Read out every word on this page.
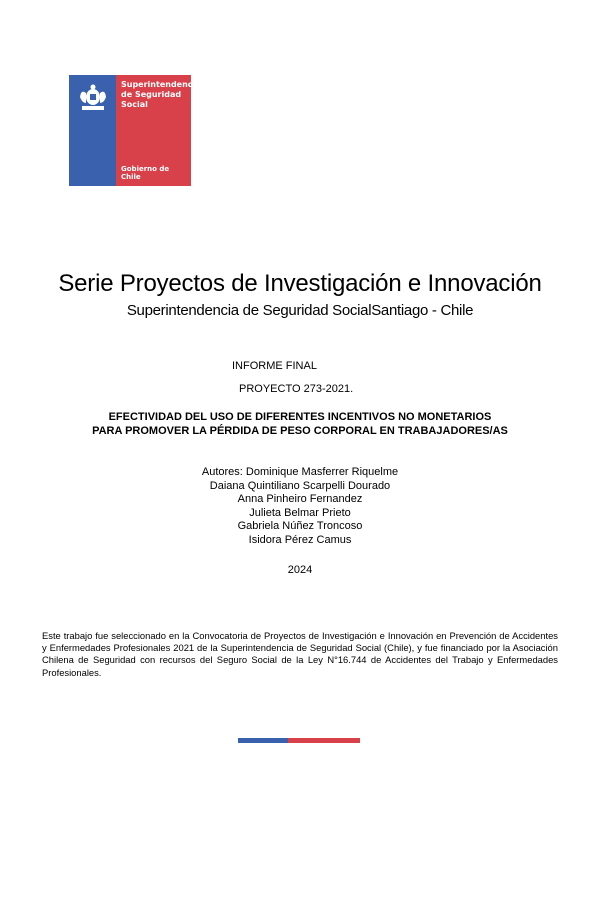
Superintendencia
de Seguridad
Social
Gobierno de Chile
Serie Proyectos de Investigación e Innovación
Superintendencia de Seguridad SocialSantiago - Chile
INFORME FINAL
PROYECTO 273-2021.
EFECTIVIDAD DEL USO DE DIFERENTES INCENTIVOS NO MONETARIOS
PARA PROMOVER LA PÉRDIDA DE PESO CORPORAL EN TRABAJADORES/AS
Autores: Dominique Masferrer Riquelme
Daiana Quintiliano Scarpelli Dourado
Anna Pinheiro Fernandez
Julieta Belmar Prieto
Gabriela Núñez Troncoso
Isidora Pérez Camus
2024
Este trabajo fue seleccionado en la Convocatoria de Proyectos de Investigación e Innovación en Prevención de Accidentes y Enfermedades Profesionales 2021 de la Superintendencia de Seguridad Social (Chile), y fue financiado por la Asociación Chilena de Seguridad con recursos del Seguro Social de la Ley N°16.744 de Accidentes del Trabajo y Enfermedades Profesionales.
